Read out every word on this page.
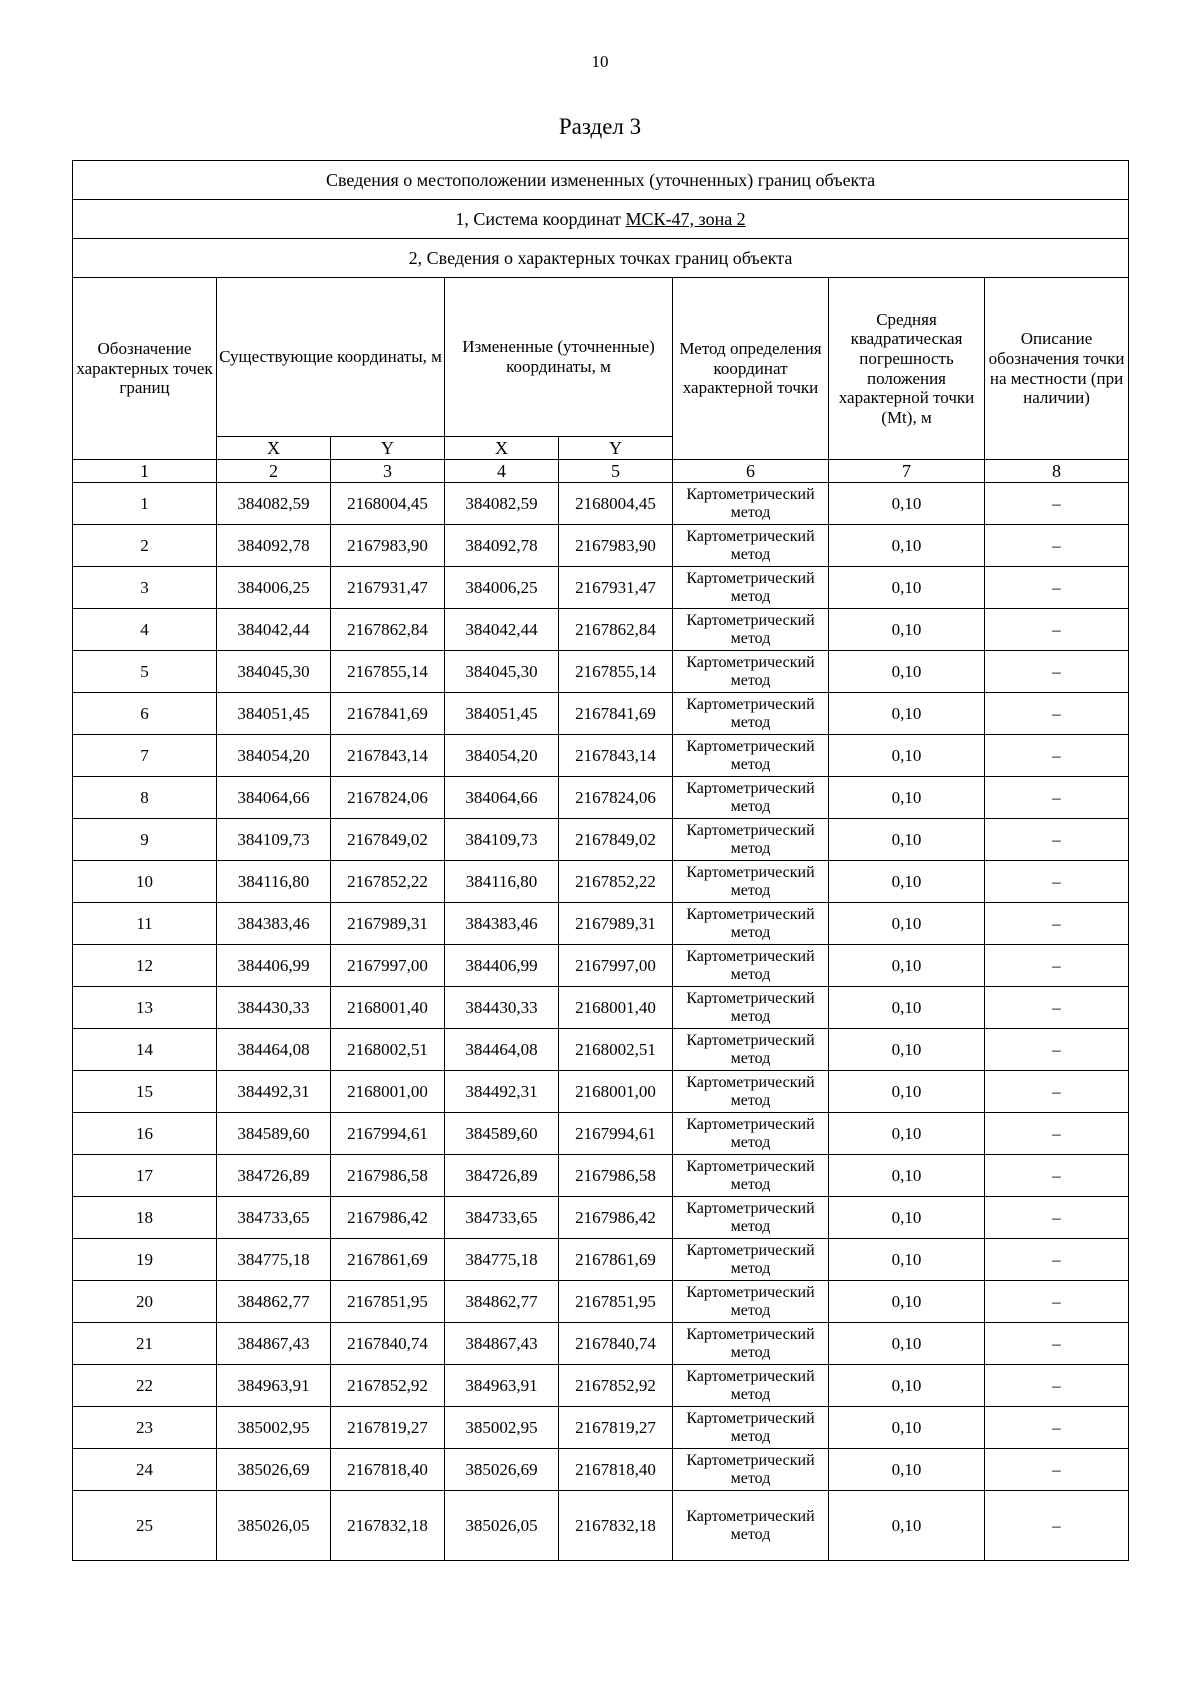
10
Раздел 3
Сведения о местоположении измененных (уточненных) границ объекта							
1, Система координат МСК-47, зона 2							
2, Сведения о характерных точках границ объекта							
Обозначение характерных точек границ	Существующие координаты, м		Измененные (уточненные) координаты, м		Метод определения координат характерной точки	Средняя квадратическая погрешность положения характерной точки (Mt), м	Описание обозначения точки на местности (при наличии)
	X	Y	X	Y			
1	2	3	4	5	6	7	8
1	384082,59	2168004,45	384082,59	2168004,45	Картометрический метод	0,10	–
2	384092,78	2167983,90	384092,78	2167983,90	Картометрический метод	0,10	–
3	384006,25	2167931,47	384006,25	2167931,47	Картометрический метод	0,10	–
4	384042,44	2167862,84	384042,44	2167862,84	Картометрический метод	0,10	–
5	384045,30	2167855,14	384045,30	2167855,14	Картометрический метод	0,10	–
6	384051,45	2167841,69	384051,45	2167841,69	Картометрический метод	0,10	–
7	384054,20	2167843,14	384054,20	2167843,14	Картометрический метод	0,10	–
8	384064,66	2167824,06	384064,66	2167824,06	Картометрический метод	0,10	–
9	384109,73	2167849,02	384109,73	2167849,02	Картометрический метод	0,10	–
10	384116,80	2167852,22	384116,80	2167852,22	Картометрический метод	0,10	–
11	384383,46	2167989,31	384383,46	2167989,31	Картометрический метод	0,10	–
12	384406,99	2167997,00	384406,99	2167997,00	Картометрический метод	0,10	–
13	384430,33	2168001,40	384430,33	2168001,40	Картометрический метод	0,10	–
14	384464,08	2168002,51	384464,08	2168002,51	Картометрический метод	0,10	–
15	384492,31	2168001,00	384492,31	2168001,00	Картометрический метод	0,10	–
16	384589,60	2167994,61	384589,60	2167994,61	Картометрический метод	0,10	–
17	384726,89	2167986,58	384726,89	2167986,58	Картометрический метод	0,10	–
18	384733,65	2167986,42	384733,65	2167986,42	Картометрический метод	0,10	–
19	384775,18	2167861,69	384775,18	2167861,69	Картометрический метод	0,10	–
20	384862,77	2167851,95	384862,77	2167851,95	Картометрический метод	0,10	–
21	384867,43	2167840,74	384867,43	2167840,74	Картометрический метод	0,10	–
22	384963,91	2167852,92	384963,91	2167852,92	Картометрический метод	0,10	–
23	385002,95	2167819,27	385002,95	2167819,27	Картометрический метод	0,10	–
24	385026,69	2167818,40	385026,69	2167818,40	Картометрический метод	0,10	–
25	385026,05	2167832,18	385026,05	2167832,18	Картометрический метод	0,10	–
